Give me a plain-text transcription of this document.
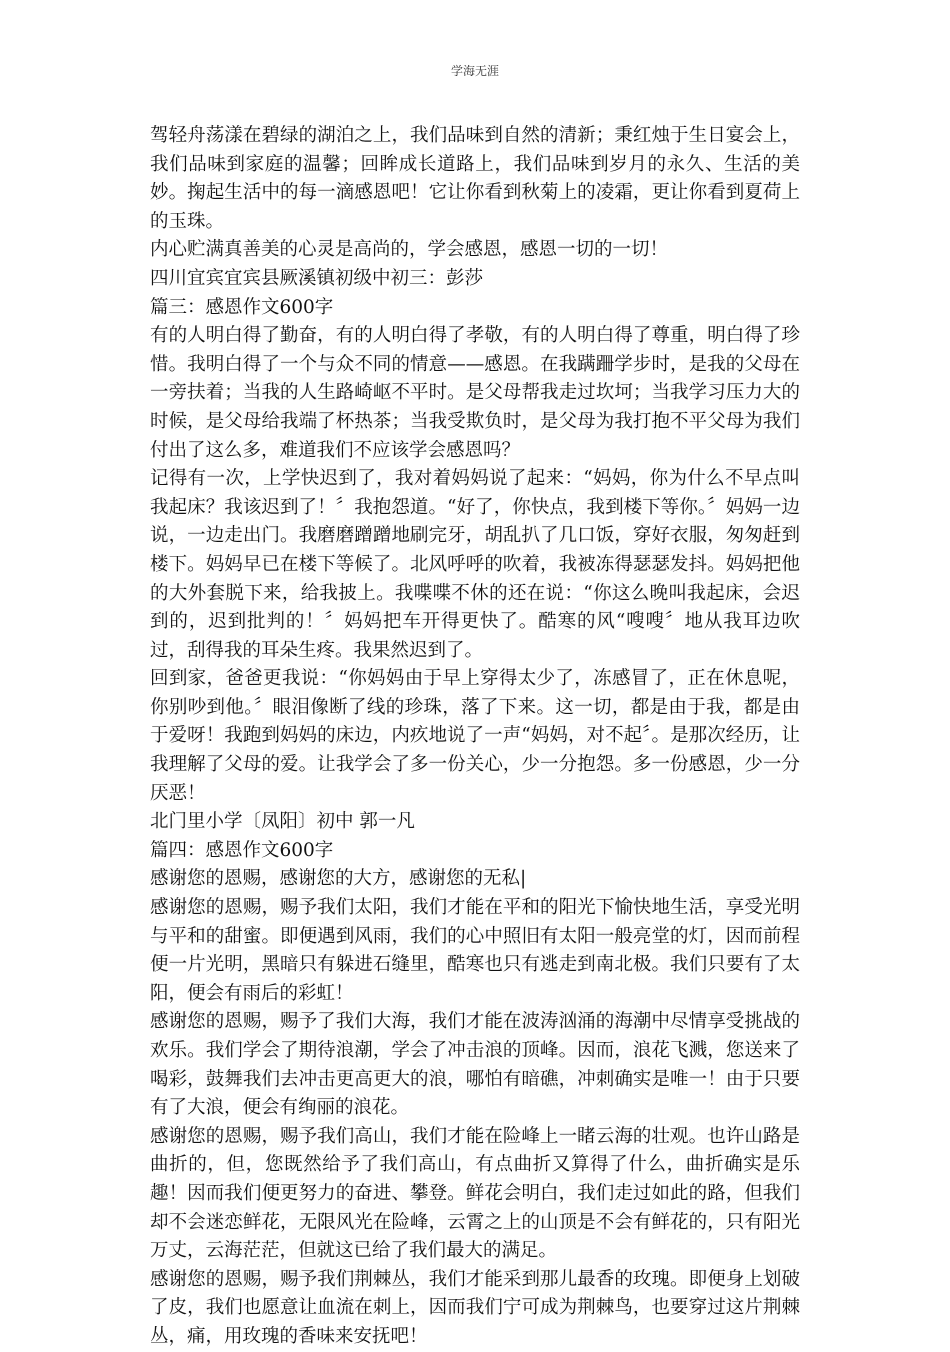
学海无涯

驾轻舟荡漾在碧绿的湖泊之上，我们品味到自然的清新；秉红烛于生日宴会上，我们品味到家庭的温馨；回眸成长道路上，我们品味到岁月的永久、生活的美妙。掬起生活中的每一滴感恩吧！它让你看到秋菊上的凌霜，更让你看到夏荷上的玉珠。

内心贮满真善美的心灵是高尚的，学会感恩，感恩一切的一切！

四川宜宾宜宾县厥溪镇初级中初三：彭莎

篇三：感恩作文600字

有的人明白得了勤奋，有的人明白得了孝敬，有的人明白得了尊重，明白得了珍惜。我明白得了一个与众不同的情意——感恩。在我蹒跚学步时，是我的父母在一旁扶着；当我的人生路崎岖不平时。是父母帮我走过坎坷；当我学习压力大的时候，是父母给我端了杯热茶；当我受欺负时，是父母为我打抱不平父母为我们付出了这么多，难道我们不应该学会感恩吗？

记得有一次，上学快迟到了，我对着妈妈说了起来：“妈妈，你为什么不早点叫我起床？我该迟到了！〞我抱怨道。“好了，你快点，我到楼下等你。〞妈妈一边说，一边走出门。我磨磨蹭蹭地刷完牙，胡乱扒了几口饭，穿好衣服，匆匆赶到楼下。妈妈早已在楼下等候了。北风呼呼的吹着，我被冻得瑟瑟发抖。妈妈把他的大外套脱下来，给我披上。我喋喋不休的还在说：“你这么晚叫我起床，会迟到的，迟到批判的！〞妈妈把车开得更快了。酷寒的风“嗖嗖〞地从我耳边吹过，刮得我的耳朵生疼。我果然迟到了。

回到家，爸爸更我说：“你妈妈由于早上穿得太少了，冻感冒了，正在休息呢，你别吵到他。〞眼泪像断了线的珍珠，落了下来。这一切，都是由于我，都是由于爱呀！我跑到妈妈的床边，内疚地说了一声“妈妈，对不起〞。是那次经历，让我理解了父母的爱。让我学会了多一份关心，少一分抱怨。多一份感恩，少一分厌恶！

北门里小学〔凤阳〕初中 郭一凡

篇四：感恩作文600字

感谢您的恩赐，感谢您的大方，感谢您的无私|

感谢您的恩赐，赐予我们太阳，我们才能在平和的阳光下愉快地生活，享受光明与平和的甜蜜。即便遇到风雨，我们的心中照旧有太阳一般亮堂的灯，因而前程便一片光明，黑暗只有躲进石缝里，酷寒也只有逃走到南北极。我们只要有了太阳，便会有雨后的彩虹！

感谢您的恩赐，赐予了我们大海，我们才能在波涛汹涌的海潮中尽情享受挑战的欢乐。我们学会了期待浪潮，学会了冲击浪的顶峰。因而，浪花飞溅，您送来了喝彩，鼓舞我们去冲击更高更大的浪，哪怕有暗礁，冲刺确实是唯一！由于只要有了大浪，便会有绚丽的浪花。

感谢您的恩赐，赐予我们高山，我们才能在险峰上一睹云海的壮观。也许山路是曲折的，但，您既然给予了我们高山，有点曲折又算得了什么，曲折确实是乐趣！因而我们便更努力的奋进、攀登。鲜花会明白，我们走过如此的路，但我们却不会迷恋鲜花，无限风光在险峰，云霄之上的山顶是不会有鲜花的，只有阳光万丈，云海茫茫，但就这已给了我们最大的满足。

感谢您的恩赐，赐予我们荆棘丛，我们才能采到那儿最香的玫瑰。即便身上划破了皮，我们也愿意让血流在刺上，因而我们宁可成为荆棘鸟，也要穿过这片荆棘丛，痛，用玫瑰的香味来安抚吧！
